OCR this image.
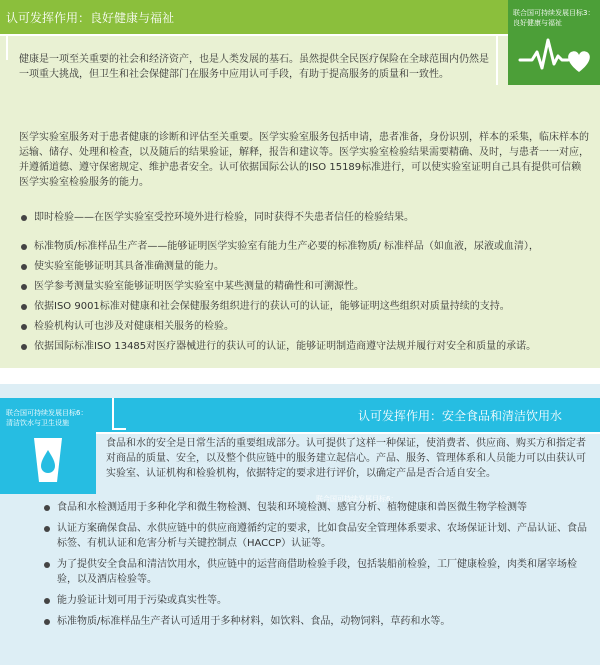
认可发挥作用：良好健康与福祉	联合国可持续发展目标3：良好健康与福祉
健康是一项至关重要的社会和经济资产，也是人类发展的基石。虽然提供全民医疗保险在全球范围内仍然是一项重大挑战，但卫生和社会保健部门在服务中应用认可手段，有助于提高服务的质量和一致性。
医学实验室服务对于患者健康的诊断和评估至关重要。医学实验室服务包括申请，患者准备，身份识别，样本的采集，临床样本的运输、储存、处理和检查，以及随后的结果验证，解释，报告和建议等。医学实验室检验结果需要精确、及时，与患者一一对应，并遵循道德、遵守保密规定、维护患者安全。认可依据国际公认的ISO 15189标准进行，可以使实验室证明自己具有提供可信赖医学实验室检验服务的能力。
即时检验——在医学实验室受控环境外进行检验，同时获得不失患者信任的检验结果。
标准物质/标准样品生产者——能够证明医学实验室有能力生产必要的标准物质/ 标准样品（如血液，尿液或血清），
使实验室能够证明其具备准确测量的能力。
医学参考测量实验室能够证明医学实验室中某些测量的精确性和可溯源性。
依据ISO 9001标准对健康和社会保健服务组织进行的获认可的认证，能够证明这些组织对质量持续的支持。
检验机构认可也涉及对健康相关服务的检验。
依据国际标准ISO 13485对医疗器械进行的获认可的认证，能够证明制造商遵守法规并履行对安全和质量的承诺。
认可发挥作用：安全食品和清洁饮用水
联合国可持续发展目标6：清洁饮水与卫生设施
食品和水的安全是日常生活的重要组成部分。认可提供了这样一种保证，使消费者、供应商、购买方和指定者对商品的质量、安全，以及整个供应链中的服务建立起信心。产品、服务、管理体系和人员能力可以由获认可实验室、认证机构和检验机构，依据特定的要求进行评价，以确定产品是否合适自安全。
联合国可持续发展目标6：
食品和水检测适用于多种化学和微生物检测、包装和环境检测、感官分析、植物健康和兽医微生物学检测等
认证方案确保食品、水供应链中的供应商遵循约定的要求，比如食品安全管理体系要求、农场保证计划、产品认证、食品标签、有机认证和危害分析与关键控制点（HACCP）认证等。
为了提供安全食品和清洁饮用水，供应链中的运营商借助检验手段，包括装船前检验，工厂健康检验，肉类和屠宰场检验，以及酒店检验等。
能力验证计划可用于污染或真实性等。
标准物质/标准样品生产者认可适用于多种材料，如饮料、食品，动物饲料，草药和水等。
